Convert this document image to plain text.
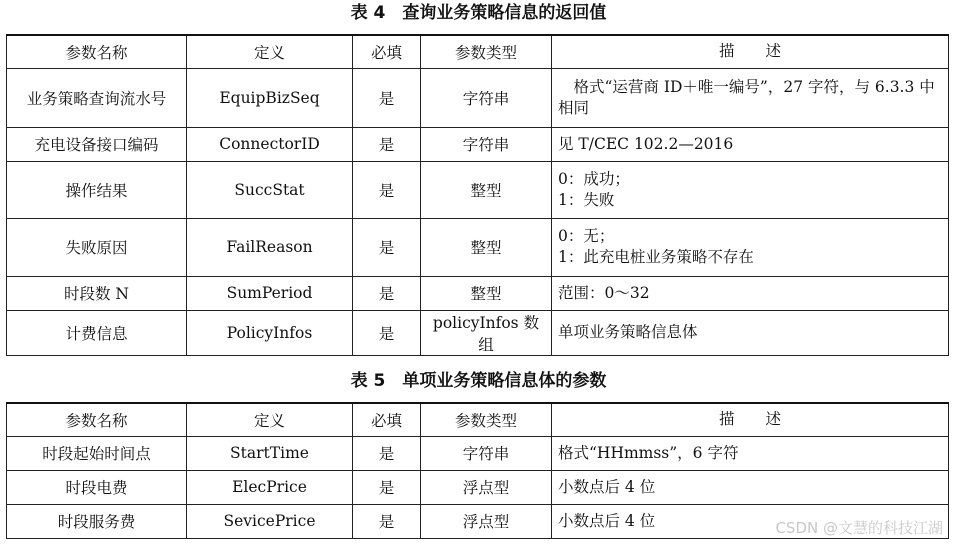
表 4　查询业务策略信息的返回值
参数名称	定义	必填	参数类型	描　　述
业务策略查询流水号	EquipBizSeq	是	字符串	　格式“运营商 ID＋唯一编号”，27 字符，与 6.3.3 中相同
充电设备接口编码	ConnectorID	是	字符串	见 T/CEC 102.2—2016
操作结果	SuccStat	是	整型	0：成功；
1：失败
失败原因	FailReason	是	整型	0：无；
1：此充电桩业务策略不存在
时段数 N	SumPeriod	是	整型	范围：0～32
计费信息	PolicyInfos	是	policyInfos 数组	单项业务策略信息体
表 5　单项业务策略信息体的参数
参数名称	定义	必填	参数类型	描　　述
时段起始时间点	StartTime	是	字符串	格式“HHmmss”，6 字符
时段电费	ElecPrice	是	浮点型	小数点后 4 位
时段服务费	SevicePrice	是	浮点型	小数点后 4 位	CSDN @文慧的科技江湖
